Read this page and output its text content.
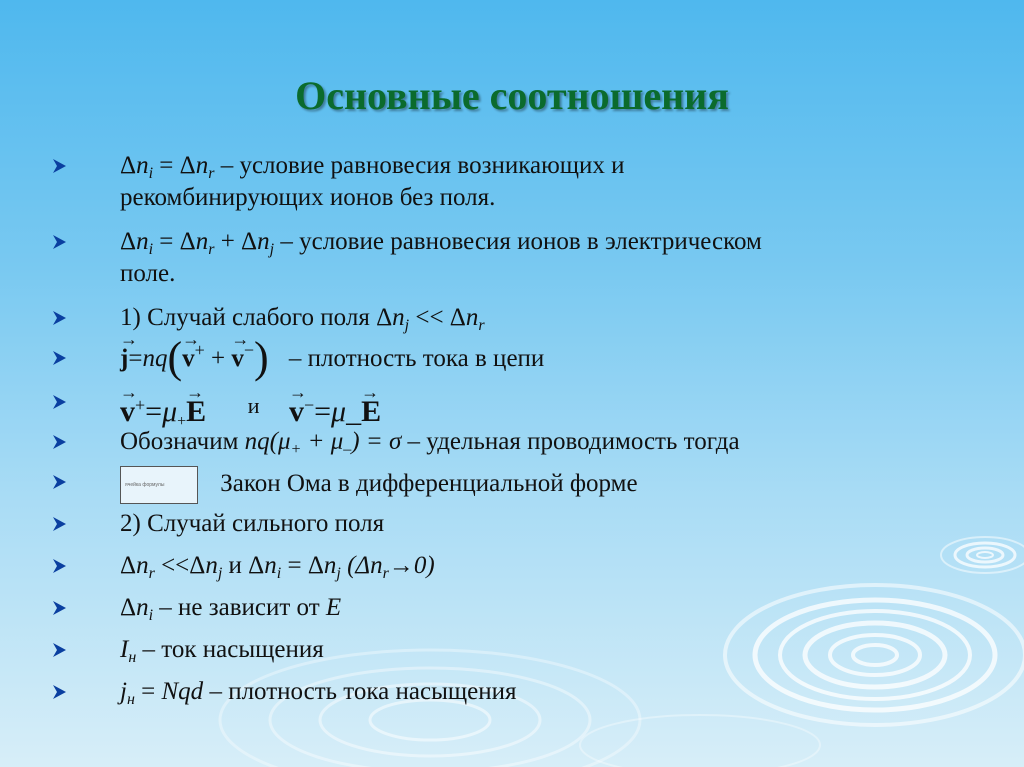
Основные соотношения
$\Delta n_i = \Delta n_r$ – условие равновесия возникающих и
рекомбинирующих ионов без поля.
$\Delta n_i = \Delta n_r + \Delta n_j$ – условие равновесия ионов в электрическом
поле.
1) Случай слабого поля $\Delta n_j << \Delta n_r$
→ j=nq(→ v+ + → v−) – плотность тока в цепи
→ $v^+=\mu_+\to E$ $^и$ → v−=μ_→ E
Обозначим $nq(\mu_+ + \mu_-) = \sigma$ – удельная проводимость тогда
ячейка формулы Закон Ома в дифференциальной форме
2) Случай сильного поля
$\Delta n_r <<\Delta n_j$ и $\Delta n_i = \Delta n_j$ $(\Delta n_r\to 0)$
$\Delta n_i$ – не зависит от E
$I_н$ – ток насыщения
$j_н$ = Nqd – плотность тока насыщения
